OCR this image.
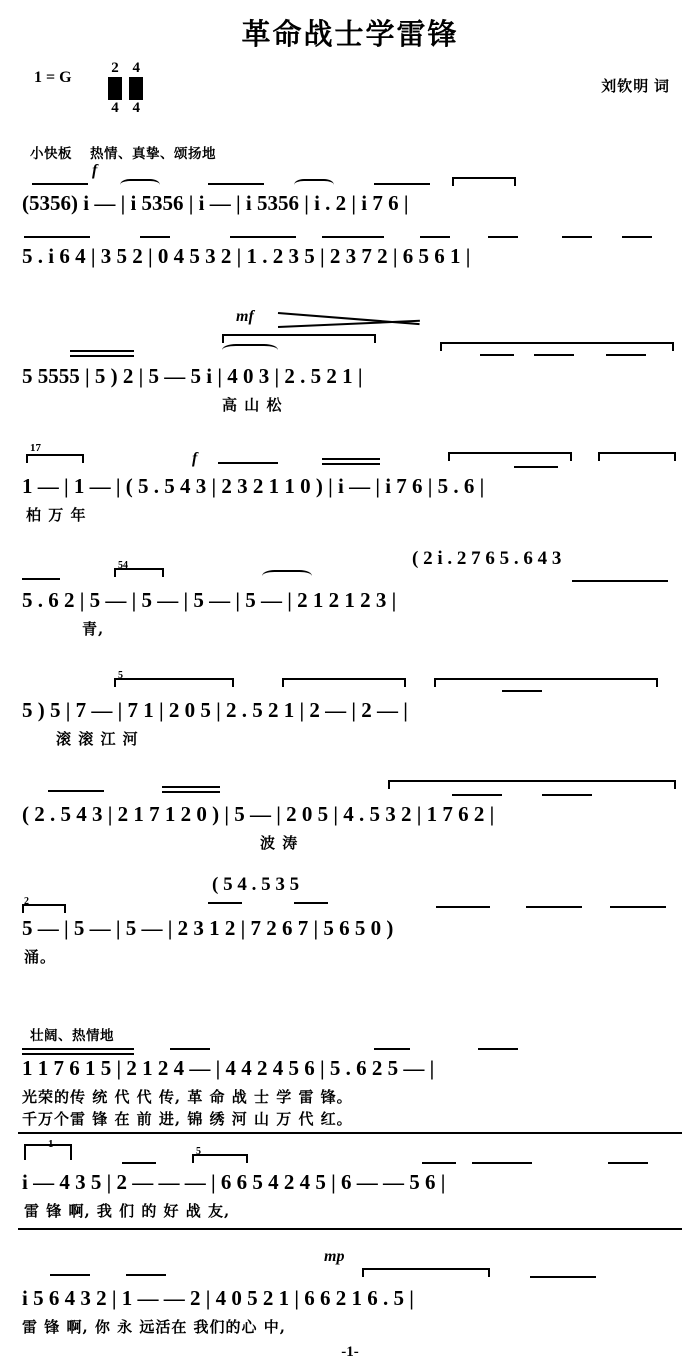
革命战士学雷锋
1 = G
2
4

4
4
刘钦明 词
小快板 热情、真挚、颂扬地
f
(5356) i — | i 5356 | i — | i 5356 | i . 2 | i 7 6 |
5 . i 6 4 | 3 5 2 | 0 4 5 3 2 | 1 . 2 3 5 | 2 3 7 2 | 6 5 6 1 |
mf
5 5555 | 5 ) 2 | 5 — 5 i | 4 0 3 | 2 . 5 2 1 |
高 山 松
17
f
1 — | 1 — | ( 5 . 5 4 3 | 2 3 2 1 1 0 ) | i — | i 7 6 | 5 . 6 |
柏 万 年
( 2 i . 2 7 6 5 . 6 4 3
54
5 . 6 2 | 5 — | 5 — | 5 — | 5 — | 2 1 2 1 2 3 |
青,
5
5 ) 5 | 7 — | 7 1 | 2 0 5 | 2 . 5 2 1 | 2 — | 2 — |
滚 滚 江 河
( 2 . 5 4 3 | 2 1 7 1 2 0 ) | 5 — | 2 0 5 | 4 . 5 3 2 | 1 7 6 2 |
波 涛
( 5 4 . 5 3 5
2
5 — | 5 — | 5 — | 2 3 1 2 | 7 2 6 7 | 5 6 5 0 )
涌。
壮阔、热情地
1 1 7 6 1 5 | 2 1 2 4 — | 4 4 2 4 5 6 | 5 . 6 2 5 — |
光荣的传 统 代 代 传, 革 命 战 士 学 雷 锋。
千万个雷 锋 在 前 进, 锦 绣 河 山 万 代 红。
1
5
i — 4 3 5 | 2 — — — | 6 6 5 4 2 4 5 | 6 — — 5 6 |
雷 锋 啊, 我 们 的 好 战 友,
mp
i 5 6 4 3 2 | 1 — — 2 | 4 0 5 2 1 | 6 6 2 1 6 . 5 |
雷 锋 啊, 你 永 远活在 我们的心 中,
-1-
